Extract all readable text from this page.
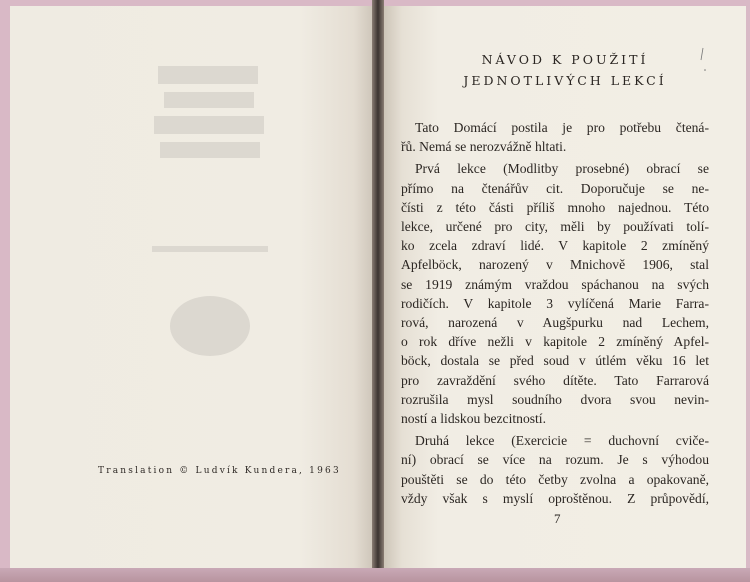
Translation © Ludvík Kundera, 1963
NÁVOD K POUŽITÍ
JEDNOTLIVÝCH LEKCÍ
Tato Domácí postila je pro potřebu čtená-
řů. Nemá se nerozvážně hltati.
Prvá lekce (Modlitby prosebné) obrací se
přímo na čtenářův cit. Doporučuje se ne-
čísti z této části příliš mnoho najednou. Této
lekce, určené pro city, měli by používati tolí-
ko zcela zdraví lidé. V kapitole 2 zmíněný
Apfelböck, narozený v Mnichově 1906, stal
se 1919 známým vraždou spáchanou na svých
rodičích. V kapitole 3 vylíčená Marie Farra-
rová, narozená v Augšpurku nad Lechem,
o rok dříve nežli v kapitole 2 zmíněný Apfel-
böck, dostala se před soud v útlém věku 16 let
pro zavraždění svého dítěte. Tato Farrarová
rozrušila mysl soudního dvora svou nevin-
ností a lidskou bezcitností.
Druhá lekce (Exercicie = duchovní cviče-
ní) obrací se více na rozum. Je s výhodou
pouštěti se do této četby zvolna a opakovaně,
vždy však s myslí oproštěnou. Z průpovědí,
7
